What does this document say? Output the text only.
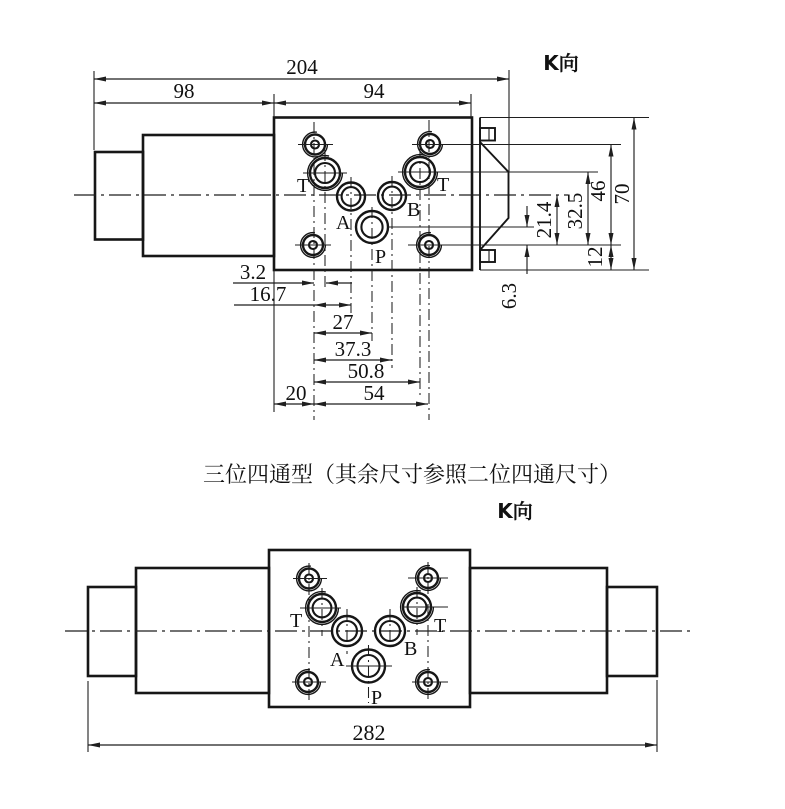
K向
T
A
B
P
T
204
98	94
3.2
16.7
27
37.3
50.8
54
20
70
46
12
32.5
21.4
6.3
三位四通型（其余尺寸参照二位四通尺寸）
K向
T
A	B
P
T
282
